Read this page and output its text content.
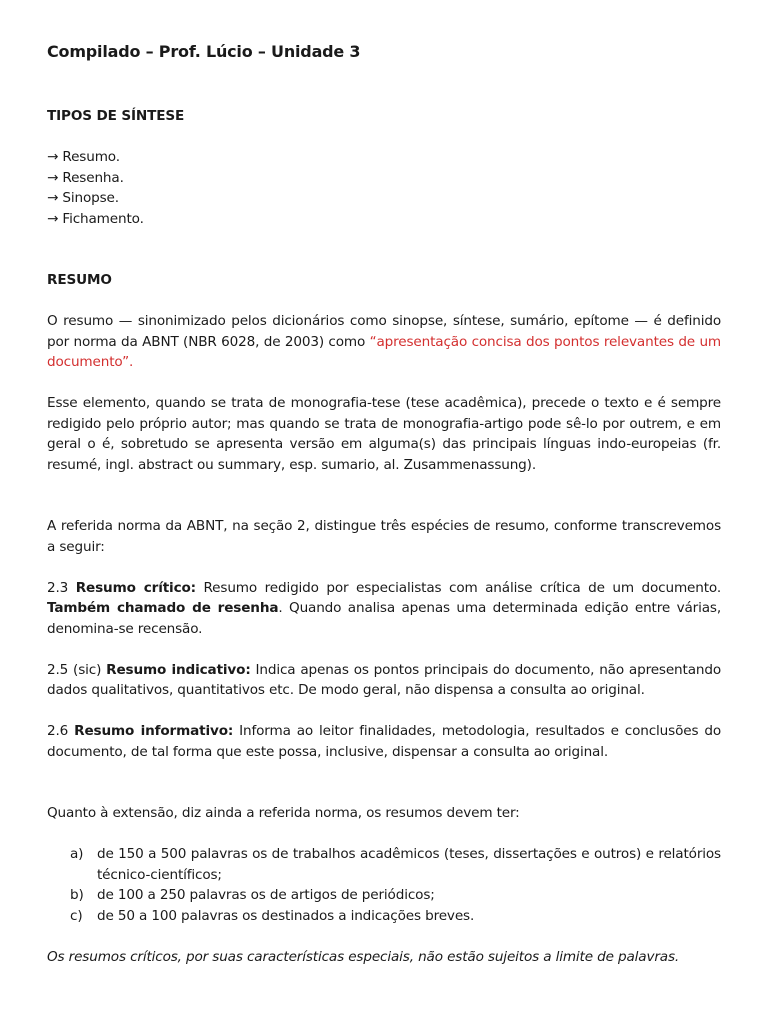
Compilado – Prof. Lúcio – Unidade 3

TIPOS DE SÍNTESE

→ Resumo.
→ Resenha.
→ Sinopse.
→ Fichamento.

RESUMO

O resumo — sinonimizado pelos dicionários como sinopse, síntese, sumário, epítome — é definido por norma da ABNT (NBR 6028, de 2003) como “apresentação concisa dos pontos relevantes de um documento”.

Esse elemento, quando se trata de monografia-tese (tese acadêmica), precede o texto e é sempre redigido pelo próprio autor; mas quando se trata de monografia-artigo pode sê-lo por outrem, e em geral o é, sobretudo se apresenta versão em alguma(s) das principais línguas indo-europeias (fr. resumé, ingl. abstract ou summary, esp. sumario, al. Zusammenassung).

A referida norma da ABNT, na seção 2, distingue três espécies de resumo, conforme transcrevemos a seguir:

2.3 Resumo crítico: Resumo redigido por especialistas com análise crítica de um documento. Também chamado de resenha. Quando analisa apenas uma determinada edição entre várias, denomina-se recensão.

2.5 (sic) Resumo indicativo: Indica apenas os pontos principais do documento, não apresentando dados qualitativos, quantitativos etc. De modo geral, não dispensa a consulta ao original.

2.6 Resumo informativo: Informa ao leitor finalidades, metodologia, resultados e conclusões do documento, de tal forma que este possa, inclusive, dispensar a consulta ao original.

Quanto à extensão, diz ainda a referida norma, os resumos devem ter:

a)	de 150 a 500 palavras os de trabalhos acadêmicos (teses, dissertações e outros) e relatórios técnico-científicos;
b) de 100 a 250 palavras os de artigos de periódicos;
c)	de 50 a 100 palavras os destinados a indicações breves.

Os resumos críticos, por suas características especiais, não estão sujeitos a limite de palavras.
